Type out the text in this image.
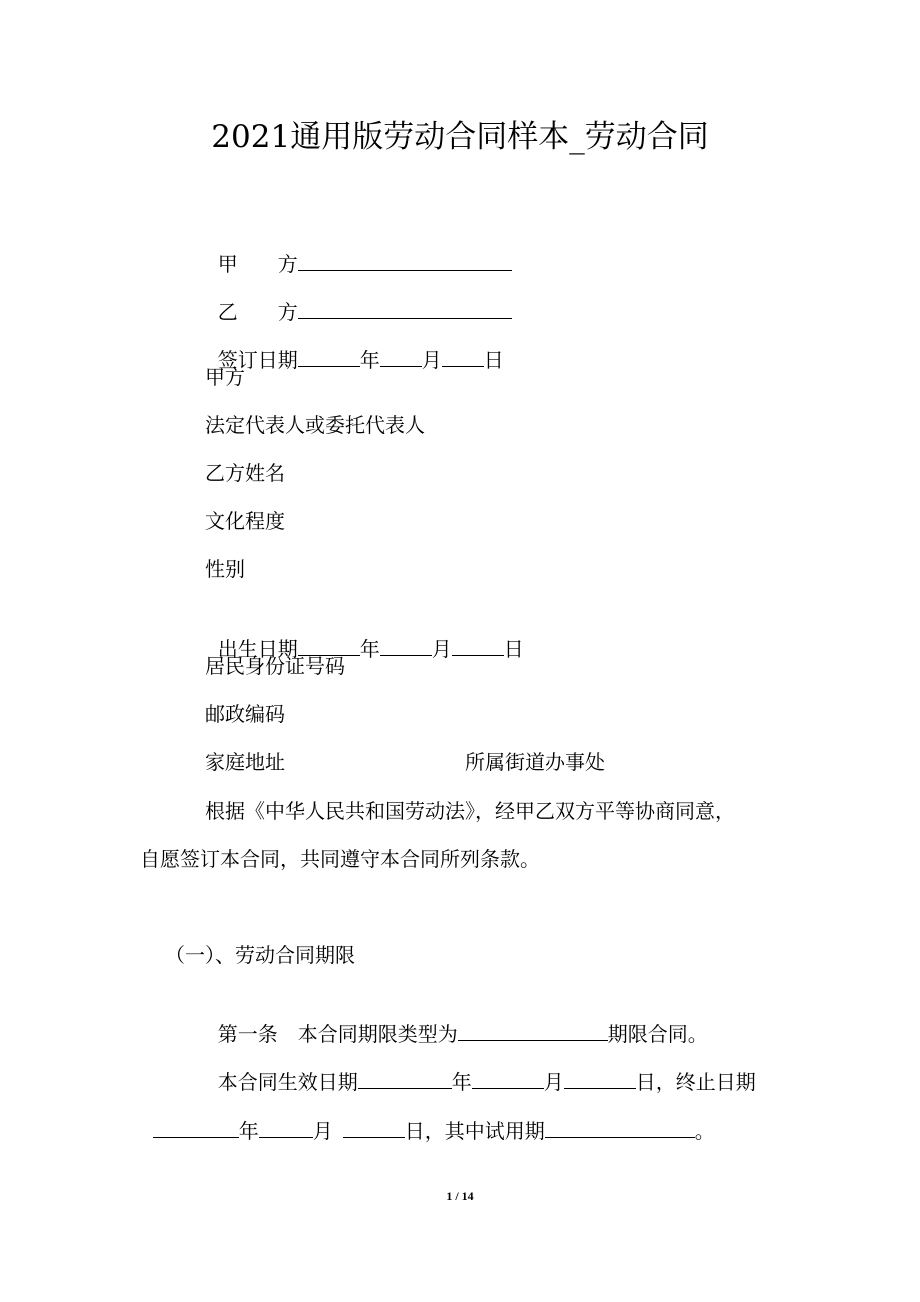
2021通用版劳动合同样本_劳动合同

甲　　方

乙　　方

签订日期	年 月 日

甲方
法定代表人或委托代表人
乙方姓名
文化程度
性别

出生日期	年	月	日

居民身份证号码
邮政编码
家庭地址	所属街道办事处
根据《中华人民共和国劳动法》，经甲乙双方平等协商同意，
自愿签订本合同，共同遵守本合同所列条款。
（一）、劳动合同期限

第一条　本合同期限类型为	期限合同。

本合同生效日期	年	月	日，终止日期

年	月	日，其中试用期	。

1 / 14
